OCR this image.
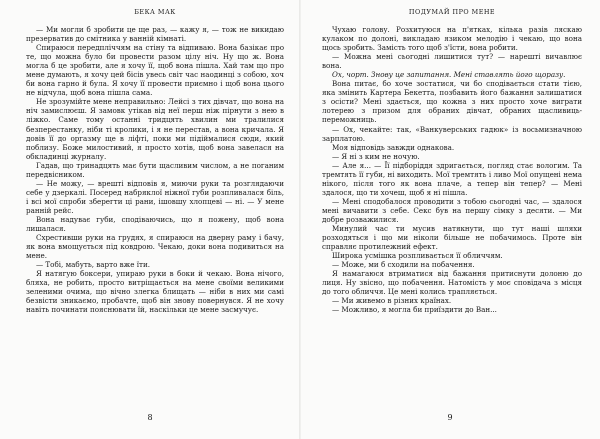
БЕКА МАК

— Ми могли б зробити це ще раз, — кажу я, — тож не викидаю презерватив до смітника у ванній кімнаті.

Спираюся передпліччям на стіну та відпиваю. Вона базікає про те, що можна було би провести разом цілу ніч. Ну що ж. Вона могла б це зробити, але я хочу її, щоб вона пішла. Хай там що про мене думають, я хочу цей бісів увесь світ час наодинці з собою, хоч би вона гарно й була. Я хочу її провести приємно і щоб вона цього не відчула, щоб вона пішла сама.

Не зрозумійте мене неправильно: Лейсі з тих дівчат, що вона на ніч замислюєш. Я замовк утікав від неї перш ніж пірнути з нею в ліжко. Саме тому останні тридцять хвилин ми тралилися безперестанку, ніби ті кролики, і я не перестав, а вона кричала. Я довів її до оргазму ще в ліфті, поки ми підіймалися сюди, який поблизу. Боже милостивий, я просто хотів, щоб вона завелася на обкладинці журналу.

Гадав, що тринадцять має бути щасливим числом, а не поганим передвісником.

— Не можу, — врешті відповів я, миючи руки та розглядаючи себе у дзеркалі. Посеред набряклої ніжної губи розпливалася біль, і всі мої спроби зберегти ці рани, ішовшу хлопцеві — ні. — У мене ранній рейс.

Вона надуває губи, сподіваючись, що я пожену, щоб вона лишалася.

Схрестивши руки на грудях, я спираюся на дверну раму і бачу, як вона вмощується під ковдрою. Чекаю, доки вона подивиться на мене.

— Тобі, мабуть, варто вже їти.

Я натягую боксери, упираю руки в боки й чекаю. Вона нічого, бляха, не робить, просто витріщається на мене своїми великими зеленими очима, що вічно злегка блищать — ніби в них ми самі безвісти зникаємо, пробачте, щоб він знову повернувся. Я не хочу навіть починати пояснювати їй, наскільки це мене засмучує.

8
ПОДУМАЙ ПРО МЕНЕ

Чухаю голову. Розхитуюся на п'ятках, кілька разів ляскаю кулаком по долоні, викладаю язиком мелодію і чекаю, що вона щось зробить. Замість того щоб з'їсти, вона робити.

— Можна мені сьогодні лишитися тут? — нарешті вичавлює вона.

Ох, чорт. Знову це запитання. Мені ставлять його щоразу.

Вона питає, бо хоче зостатися, чи бо сподівається стати тією, яка змінить Картера Бекетта, позбавить його бажання залишатися з осісти? Мені здається, що кожна з них просто хоче виграти лотерею з призом для обраних дівчат, обраних щасливиць-переможниць.

— Ох, чекайте: так, «Ванкуверських гадюк» із восьмизначною зарплатою.

Моя відповідь завжди однакова.

— Я ні з ким не ночую.

— Але я... — Її підборіддя здригається, погляд стає вологим. Та тремтять її губи, ні виходить. Мої тремтять і ливо Мої опущені нема нікого, після того як вона плаче, а тепер він тепер? — Мені здалося, що ти хочеш, щоб я ні пішла.

— Мені сподобалося проводити з тобою сьогодні час, — здалося мені вичавити з себе. Секс був на першу сімку з десяти. — Ми добре розважилися.

Минулий час ти мусив натякнути, що тут наші шляхи розходяться і що ми ніколи більше не побачимось. Проте він справляє протилежний ефект.

Широка усмішка розпливається її обличчям.

— Може, ми б сходили на побачення.

Я намагаюся втриматися від бажання притиснути долоню до лиця. Ну звісно, що побачення. Натомість у моє сповідача з місця до того обличчя. Це мені колись трапляється.

— Ми живемо в різних країнах.

— Можливо, я могла би приїздити до Ван...

9
